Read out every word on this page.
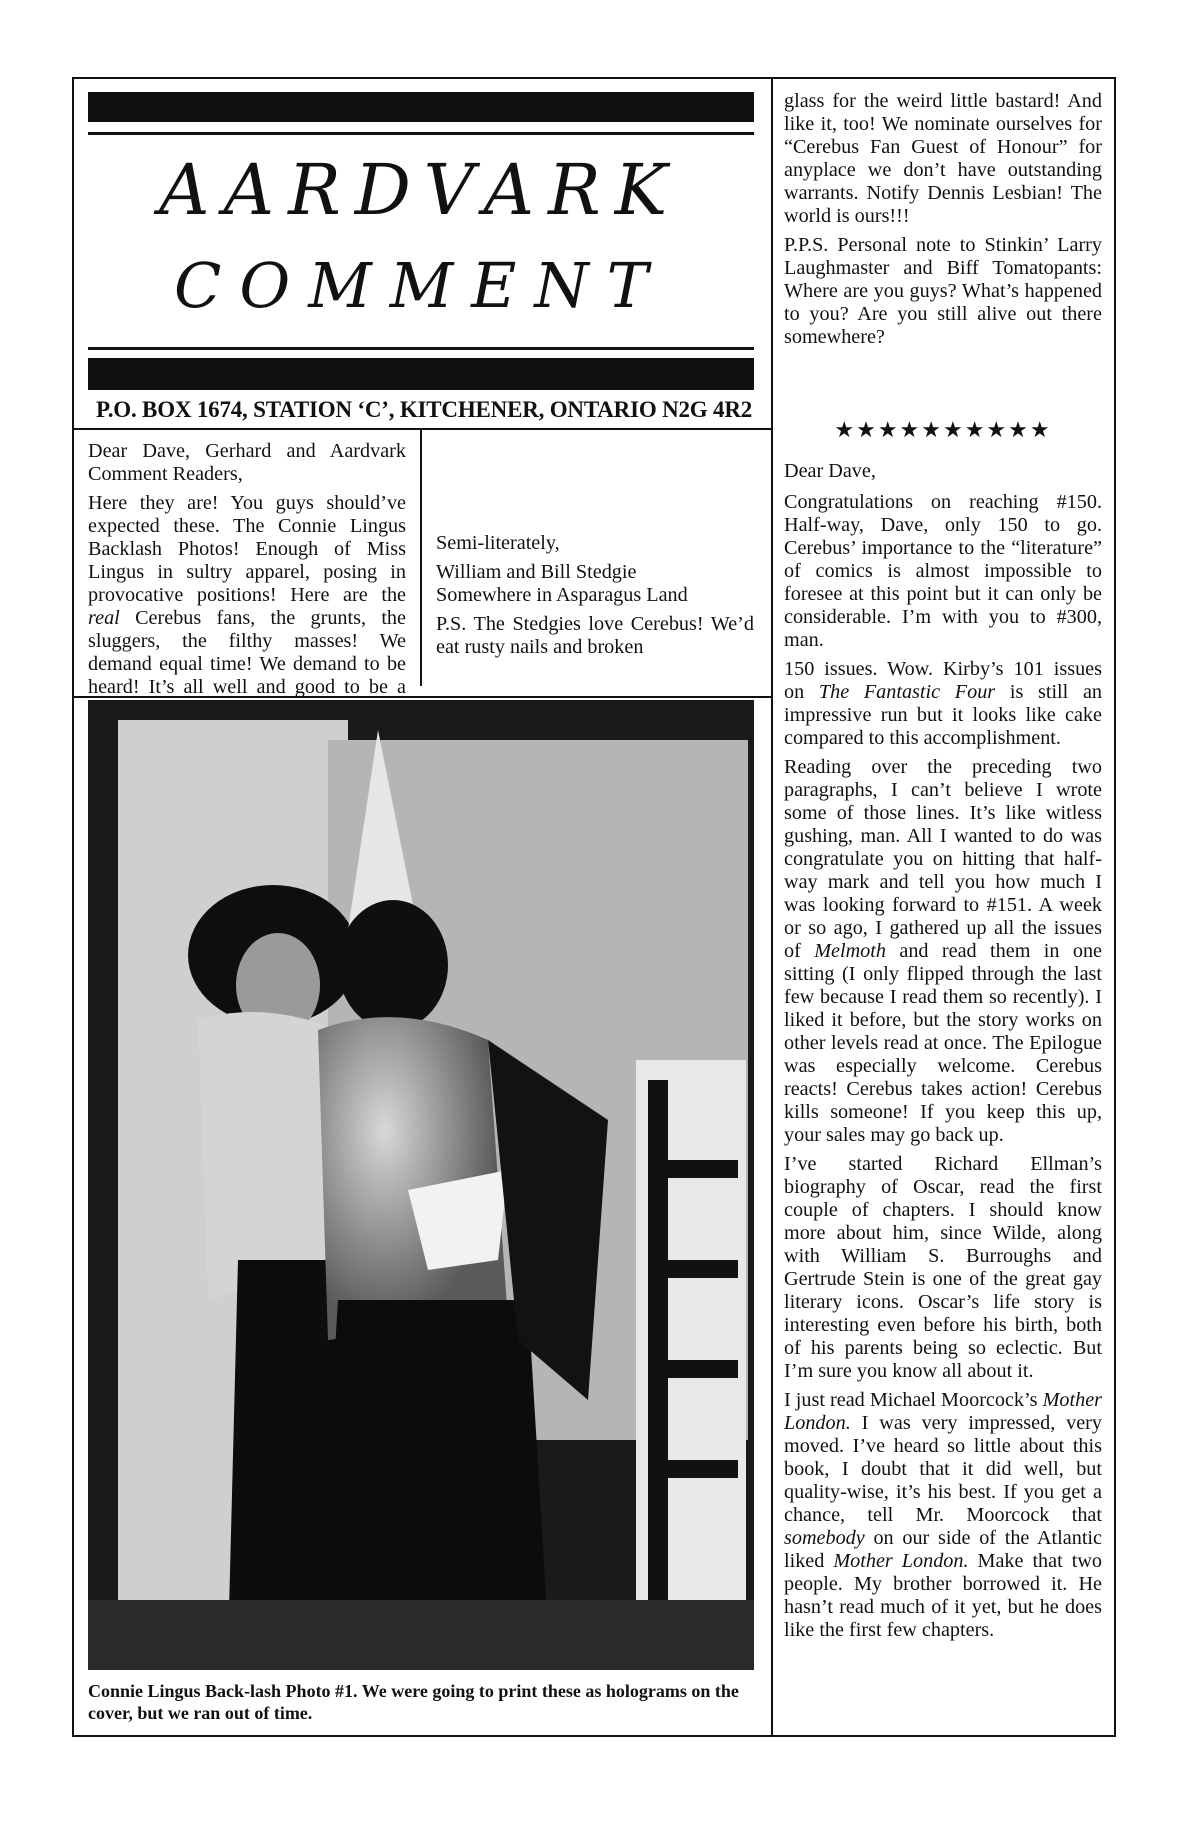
AARDVARK
COMMENT
P.O. BOX 1674, STATION ‘C’, KITCHENER, ONTARIO N2G 4R2

Dear Dave, Gerhard and Aardvark Comment Readers,

Here they are! You guys should’ve expected these. The Connie Lingus Backlash Photos! Enough of Miss Lingus in sultry apparel, posing in provocative positions! Here are the real Cerebus fans, the grunts, the sluggers, the filthy masses! We demand equal time! We demand to be heard! It’s all well and good to be a

Semi-literately,

William and Bill Stedgie

Somewhere in Asparagus Land

P.S. The Stedgies love Cerebus! We’d eat rusty nails and broken

Connie Lingus Back-lash Photo #1. We were going to print these as holograms on the cover, but we ran out of time.

glass for the weird little bastard! And like it, too! We nominate ourselves for “Cerebus Fan Guest of Honour” for anyplace we don’t have outstanding warrants. Notify Dennis Lesbian! The world is ours!!!

P.P.S. Personal note to Stinkin’ Larry Laughmaster and Biff Tomatopants: Where are you guys? What’s happened to you? Are you still alive out there somewhere?

★★★★★★★★★★

Dear Dave,

Congratulations on reaching #150. Half-way, Dave, only 150 to go. Cerebus’ importance to the “literature” of comics is almost impossible to foresee at this point but it can only be considerable. I’m with you to #300, man.

150 issues. Wow. Kirby’s 101 issues on The Fantastic Four is still an impressive run but it looks like cake compared to this accomplishment.

Reading over the preceding two paragraphs, I can’t believe I wrote some of those lines. It’s like witless gushing, man. All I wanted to do was congratulate you on hitting that half-way mark and tell you how much I was looking forward to #151. A week or so ago, I gathered up all the issues of Melmoth and read them in one sitting (I only flipped through the last few because I read them so recently). I liked it before, but the story works on other levels read at once. The Epilogue was especially welcome. Cerebus reacts! Cerebus takes action! Cerebus kills someone! If you keep this up, your sales may go back up.

I’ve started Richard Ellman’s biography of Oscar, read the first couple of chapters. I should know more about him, since Wilde, along with William S. Burroughs and Gertrude Stein is one of the great gay literary icons. Oscar’s life story is interesting even before his birth, both of his parents being so eclectic. But I’m sure you know all about it.

I just read Michael Moorcock’s Mother London. I was very impressed, very moved. I’ve heard so little about this book, I doubt that it did well, but quality-wise, it’s his best. If you get a chance, tell Mr. Moorcock that somebody on our side of the Atlantic liked Mother London. Make that two people. My brother borrowed it. He hasn’t read much of it yet, but he does like the first few chapters.
